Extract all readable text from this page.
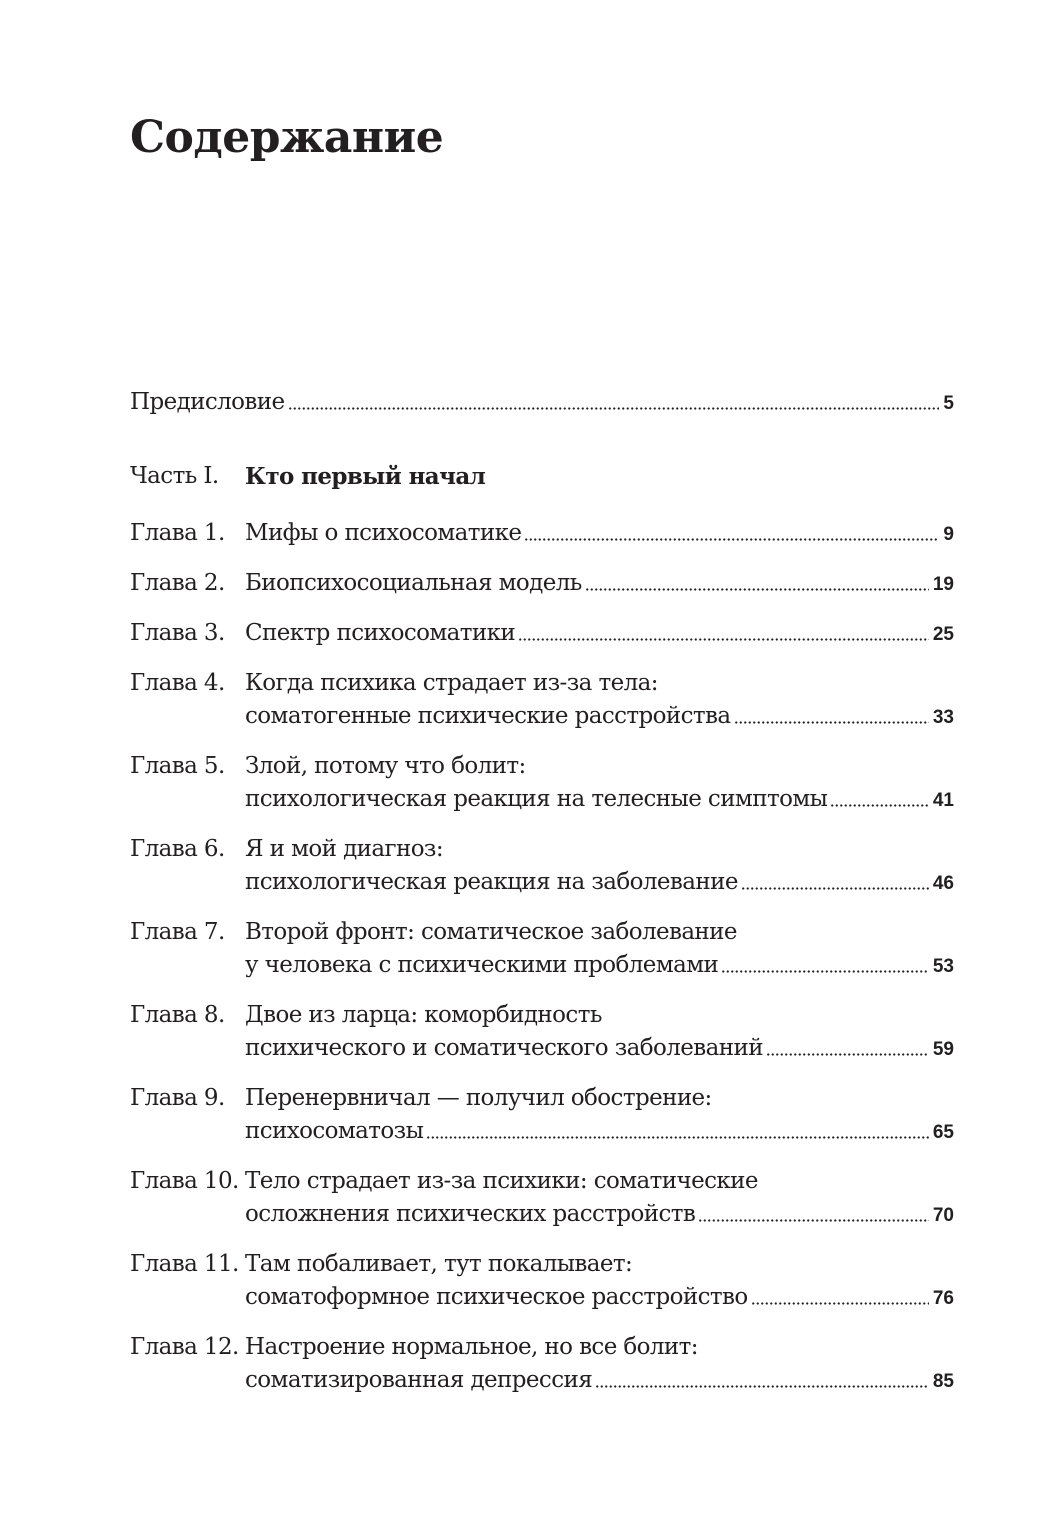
Содержание
Предисловие	5
Часть I.	Кто первый начал
Глава 1. Мифы о психосоматике	9
Глава 2. Биопсихосоциальная модель	19
Глава 3. Спектр психосоматики	25
Глава 4. Когда психика страдает из-за тела:
соматогенные психические расстройства	33
Глава 5. Злой, потому что болит:
психологическая реакция на телесные симптомы	41
Глава 6. Я и мой диагноз:
психологическая реакция на заболевание	46
Глава 7. Второй фронт: соматическое заболевание
у человека с психическими проблемами	53
Глава 8. Двое из ларца: коморбидность
психического и соматического заболеваний	59
Глава 9. Перенервничал — получил обострение:
психосоматозы	65
Глава 10. Тело страдает из-за психики: соматические
осложнения психических расстройств	70
Глава 11. Там побаливает, тут покалывает:
соматоформное психическое расстройство	76
Глава 12. Настроение нормальное, но все болит:
соматизированная депрессия	85
